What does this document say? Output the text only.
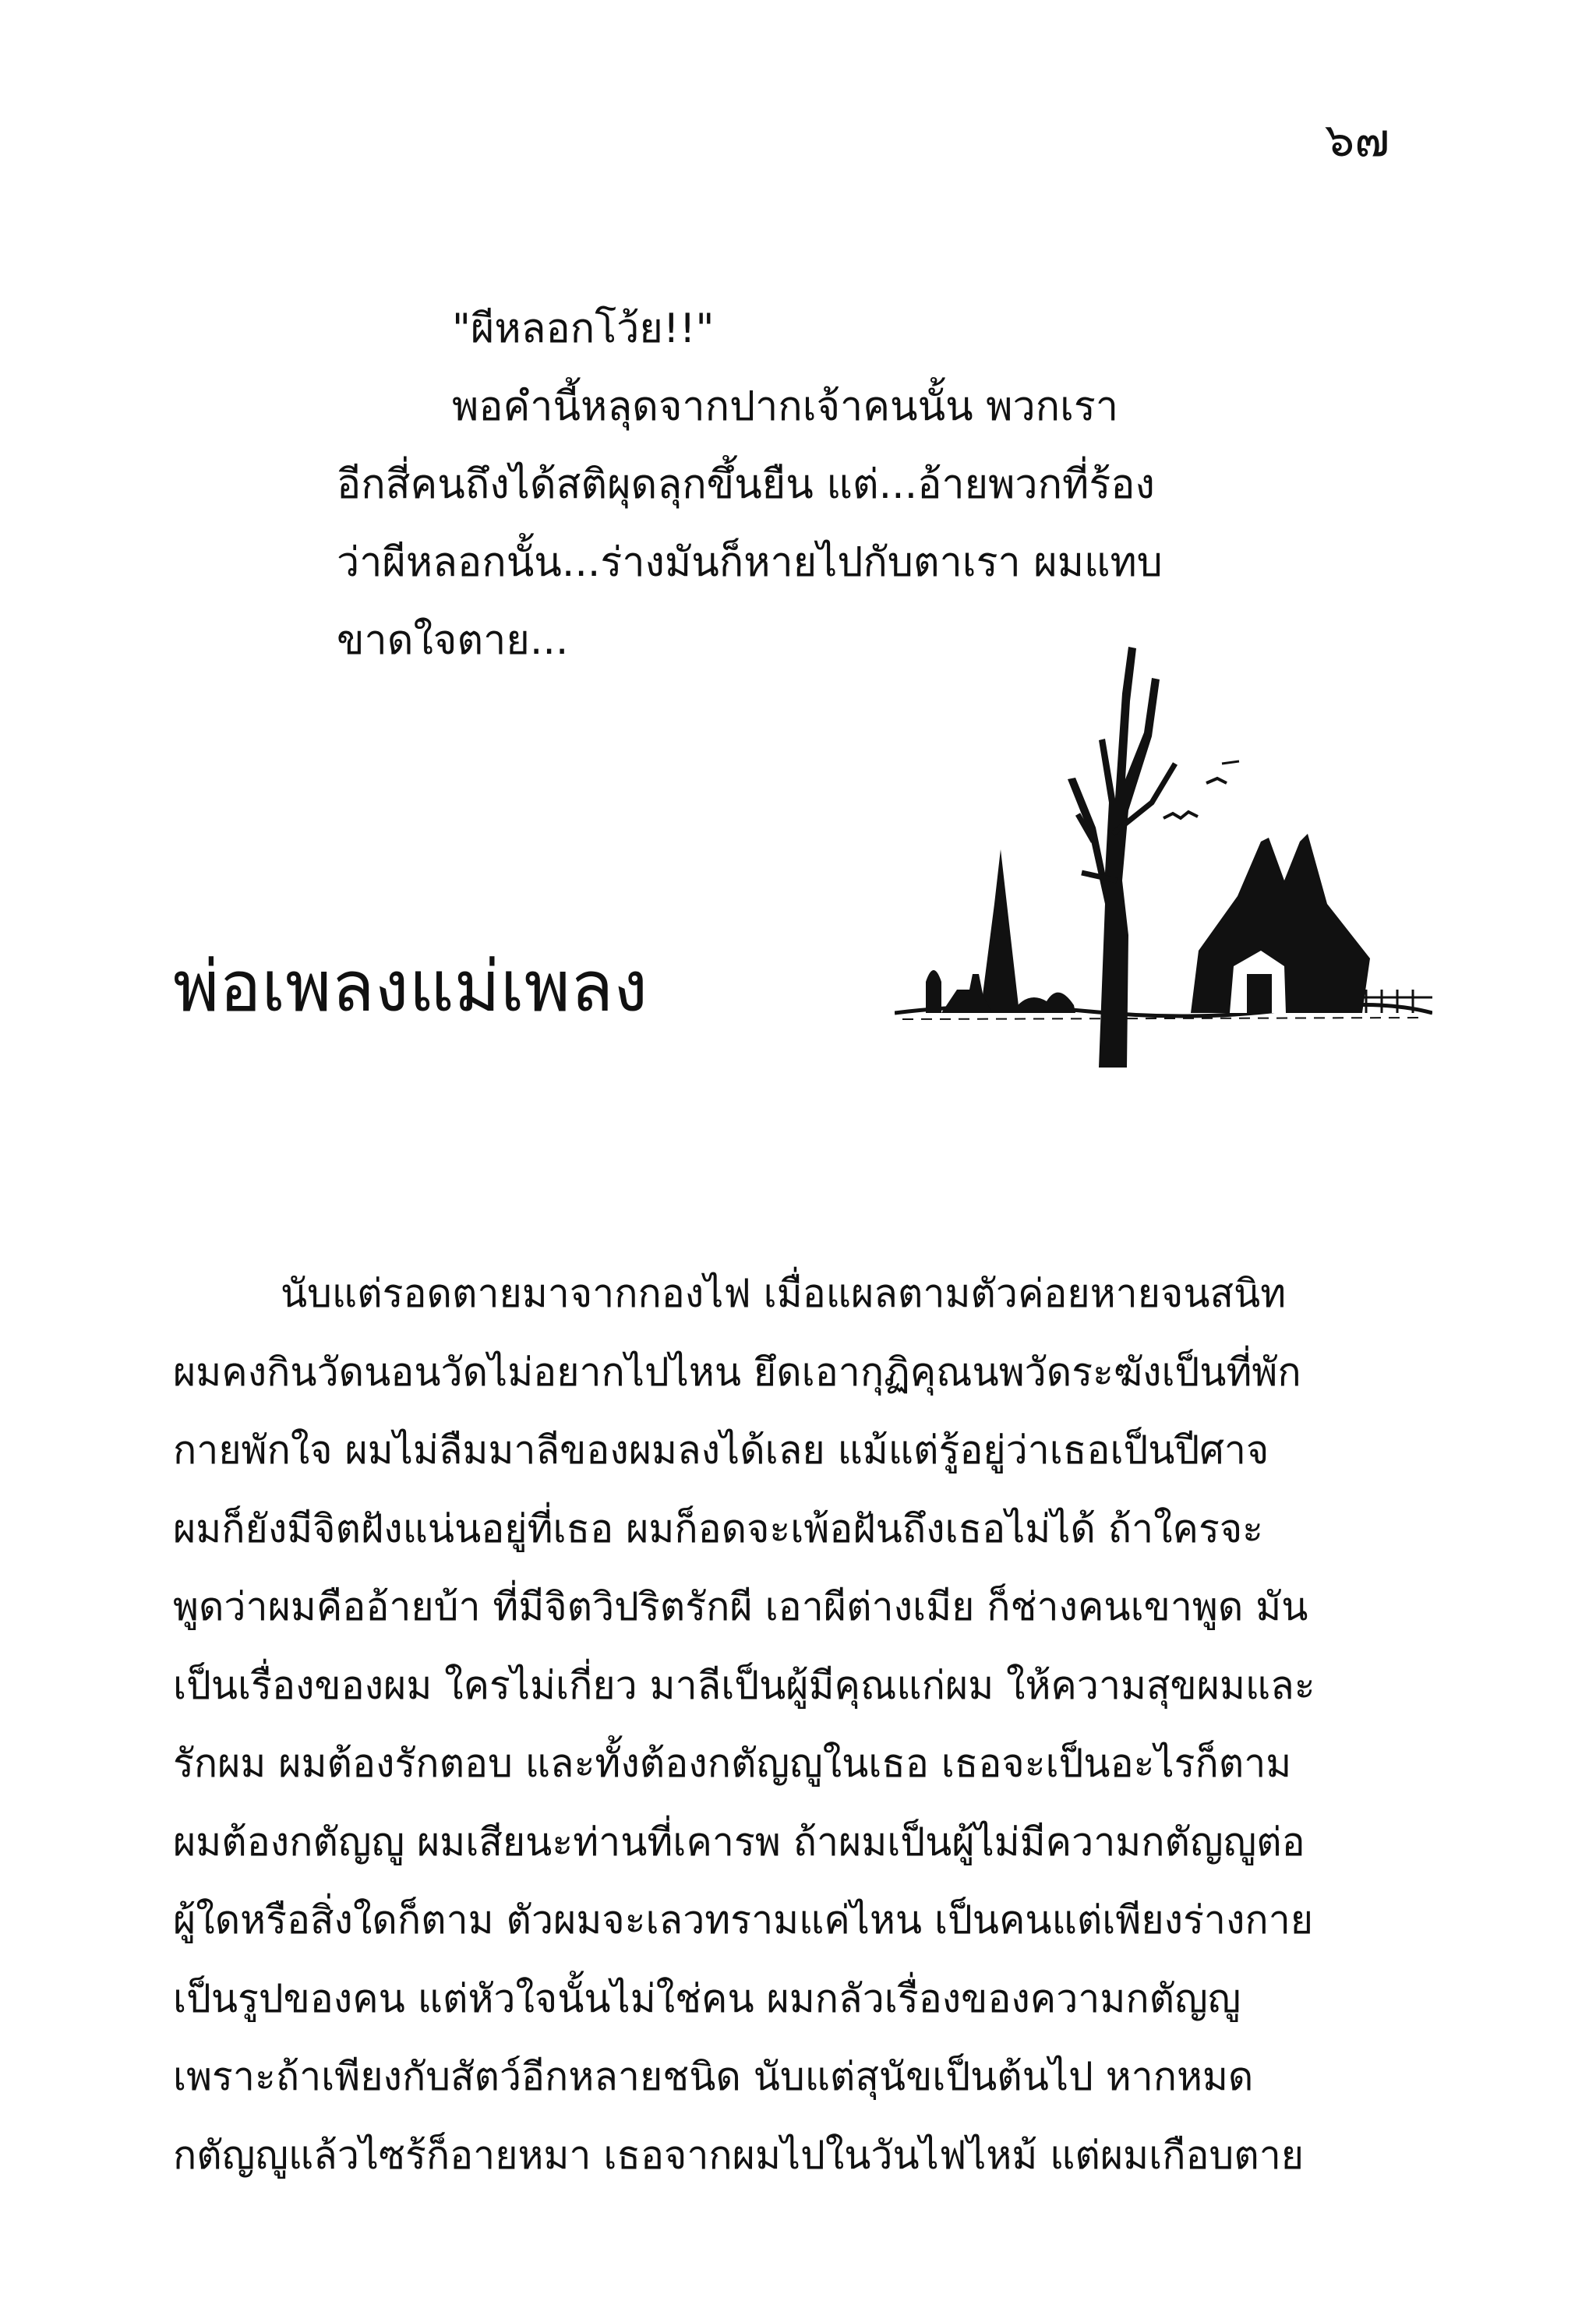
๖๗

"ผีหลอกโว้ย!!"

พอคำนี้หลุดจากปากเจ้าคนนั้น พวกเรา

อีกสี่คนถึงได้สติผุดลุกขึ้นยืน แต่...อ้ายพวกที่ร้อง

ว่าผีหลอกนั้น...ร่างมันก็หายไปกับตาเรา ผมแทบ

ขาดใจตาย...

พ่อเพลงแม่เพลง
นับแต่รอดตายมาจากกองไฟ เมื่อแผลตามตัวค่อยหายจนสนิท
ผมคงกินวัดนอนวัดไม่อยากไปไหน ยึดเอากุฏิคุณนพวัดระฆังเป็นที่พัก
กายพักใจ ผมไม่ลืมมาลีของผมลงได้เลย แม้แต่รู้อยู่ว่าเธอเป็นปีศาจ
ผมก็ยังมีจิตฝังแน่นอยู่ที่เธอ ผมก็อดจะเพ้อฝันถึงเธอไม่ได้ ถ้าใครจะ
พูดว่าผมคืออ้ายบ้า ที่มีจิตวิปริตรักผี เอาผีต่างเมีย ก็ช่างคนเขาพูด มัน
เป็นเรื่องของผม ใครไม่เกี่ยว มาลีเป็นผู้มีคุณแก่ผม ให้ความสุขผมและ
รักผม ผมต้องรักตอบ และทั้งต้องกตัญญูในเธอ เธอจะเป็นอะไรก็ตาม
ผมต้องกตัญญู ผมเสียนะท่านที่เคารพ ถ้าผมเป็นผู้ไม่มีความกตัญญูต่อ
ผู้ใดหรือสิ่งใดก็ตาม ตัวผมจะเลวทรามแค่ไหน เป็นคนแต่เพียงร่างกาย
เป็นรูปของคน แต่หัวใจนั้นไม่ใช่คน ผมกลัวเรื่องของความกตัญญู
เพราะถ้าเพียงกับสัตว์อีกหลายชนิด นับแต่สุนัขเป็นต้นไป หากหมด
กตัญญูแล้วไซร้ก็อายหมา เธอจากผมไปในวันไฟไหม้ แต่ผมเกือบตาย
